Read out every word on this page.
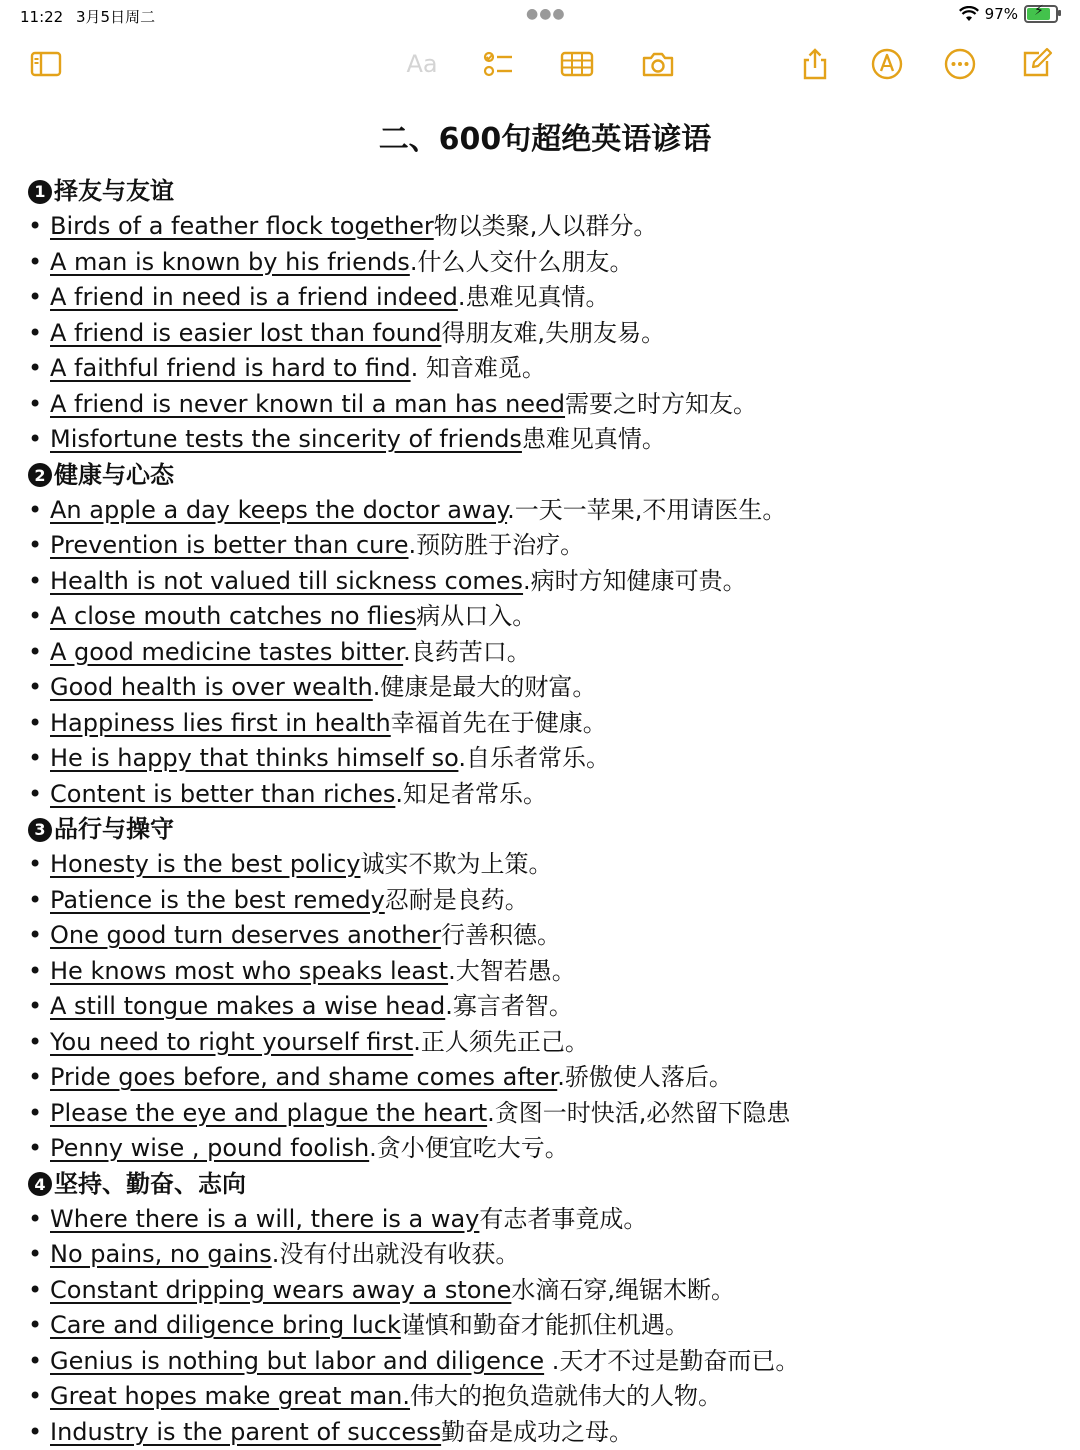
11:22 3月5日周二	●●●	97% ⚡
Aa
二、600句超绝英语谚语
1 择友与友谊
• Birds of a feather flock together物以类聚,人以群分。
• A man is known by his friends.什么人交什么朋友。
• A friend in need is a friend indeed.患难见真情。
• A friend is easier lost than found得朋友难,失朋友易。
• A faithful friend is hard to find. 知音难觅。
• A friend is never known til a man has need需要之时方知友。
• Misfortune tests the sincerity of friends患难见真情。
2 健康与心态
• An apple a day keeps the doctor away.一天一苹果,不用请医生。
• Prevention is better than cure.预防胜于治疗。
• Health is not valued till sickness comes.病时方知健康可贵。
• A close mouth catches no flies病从口入。
• A good medicine tastes bitter.良药苦口。
• Good health is over wealth.健康是最大的财富。
• Happiness lies first in health幸福首先在于健康。
• He is happy that thinks himself so.自乐者常乐。
• Content is better than riches.知足者常乐。
3 品行与操守
• Honesty is the best policy诚实不欺为上策。
• Patience is the best remedy忍耐是良药。
• One good turn deserves another行善积德。
• He knows most who speaks least.大智若愚。
• A still tongue makes a wise head.寡言者智。
• You need to right yourself first.正人须先正己。
• Pride goes before, and shame comes after.骄傲使人落后。
• Please the eye and plague the heart.贪图一时快活,必然留下隐患
• Penny wise , pound foolish.贪小便宜吃大亏。
4 坚持、勤奋、志向
• Where there is a will, there is a way有志者事竟成。
• No pains, no gains.没有付出就没有收获。
• Constant dripping wears away a stone水滴石穿,绳锯木断。
• Care and diligence bring luck谨慎和勤奋才能抓住机遇。
• Genius is nothing but labor and diligence .天才不过是勤奋而已。
• Great hopes make great man.伟大的抱负造就伟大的人物。
• Industry is the parent of success勤奋是成功之母。
